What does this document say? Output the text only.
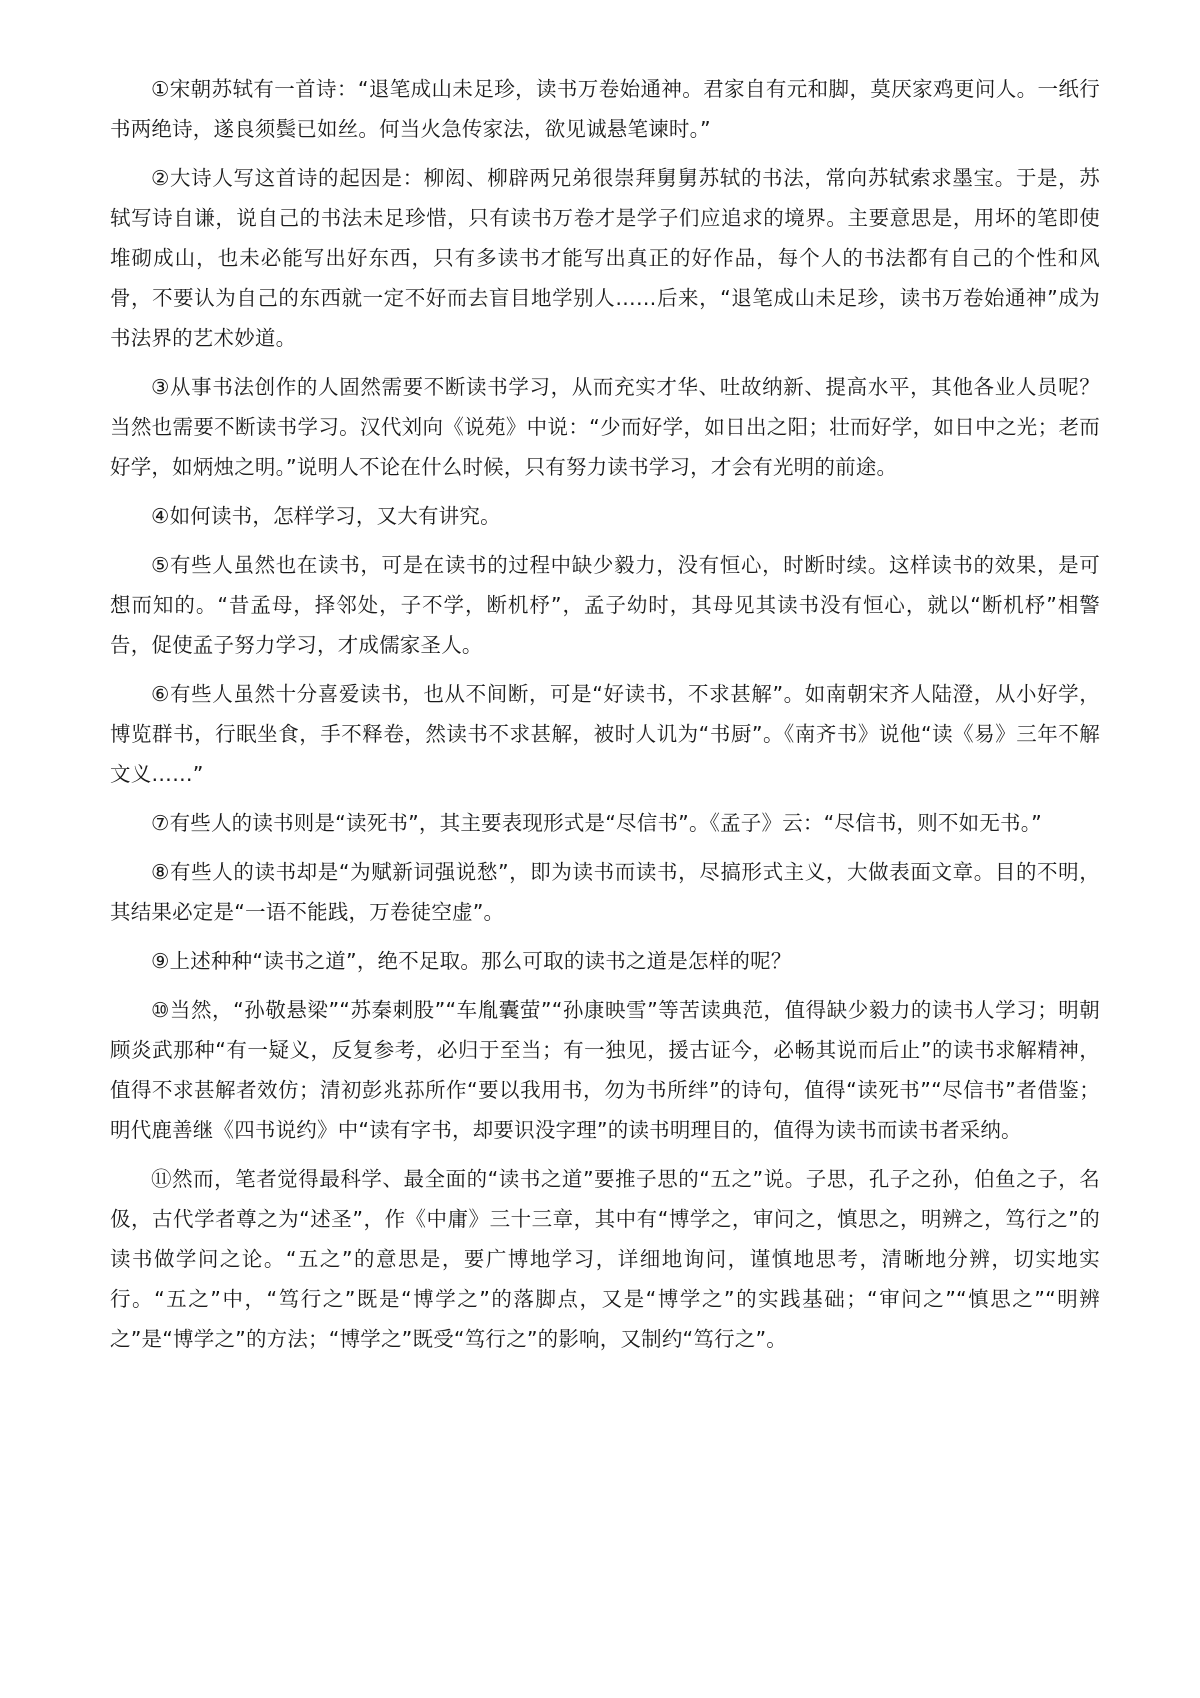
①宋朝苏轼有一首诗：“退笔成山未足珍，读书万卷始通神。君家自有元和脚，莫厌家鸡更问人。一纸行书两绝诗，遂良须鬓已如丝。何当火急传家法，欲见诚悬笔谏时。”

②大诗人写这首诗的起因是：柳闳、柳辟两兄弟很崇拜舅舅苏轼的书法，常向苏轼索求墨宝。于是，苏轼写诗自谦，说自己的书法未足珍惜，只有读书万卷才是学子们应追求的境界。主要意思是，用坏的笔即使堆砌成山，也未必能写出好东西，只有多读书才能写出真正的好作品，每个人的书法都有自己的个性和风骨，不要认为自己的东西就一定不好而去盲目地学别人……后来，“退笔成山未足珍，读书万卷始通神”成为书法界的艺术妙道。

③从事书法创作的人固然需要不断读书学习，从而充实才华、吐故纳新、提高水平，其他各业人员呢？当然也需要不断读书学习。汉代刘向《说苑》中说：“少而好学，如日出之阳；壮而好学，如日中之光；老而好学，如炳烛之明。”说明人不论在什么时候，只有努力读书学习，才会有光明的前途。

④如何读书，怎样学习，又大有讲究。

⑤有些人虽然也在读书，可是在读书的过程中缺少毅力，没有恒心，时断时续。这样读书的效果，是可想而知的。“昔孟母，择邻处，子不学，断机杼”，孟子幼时，其母见其读书没有恒心，就以“断机杼”相警告，促使孟子努力学习，才成儒家圣人。

⑥有些人虽然十分喜爱读书，也从不间断，可是“好读书，不求甚解”。如南朝宋齐人陆澄，从小好学，博览群书，行眠坐食，手不释卷，然读书不求甚解，被时人讥为“书厨”。《南齐书》说他“读《易》三年不解文义……”

⑦有些人的读书则是“读死书”，其主要表现形式是“尽信书”。《孟子》云：“尽信书，则不如无书。”

⑧有些人的读书却是“为赋新词强说愁”，即为读书而读书，尽搞形式主义，大做表面文章。目的不明，其结果必定是“一语不能践，万卷徒空虚”。

⑨上述种种“读书之道”，绝不足取。那么可取的读书之道是怎样的呢？

⑩当然，“孙敬悬梁”“苏秦刺股”“车胤囊萤”“孙康映雪”等苦读典范，值得缺少毅力的读书人学习；明朝顾炎武那种“有一疑义，反复参考，必归于至当；有一独见，援古证今，必畅其说而后止”的读书求解精神，值得不求甚解者效仿；清初彭兆荪所作“要以我用书，勿为书所绊”的诗句，值得“读死书”“尽信书”者借鉴；明代鹿善继《四书说约》中“读有字书，却要识没字理”的读书明理目的，值得为读书而读书者采纳。

⑪然而，笔者觉得最科学、最全面的“读书之道”要推子思的“五之”说。子思，孔子之孙，伯鱼之子，名伋，古代学者尊之为“述圣”，作《中庸》三十三章，其中有“博学之，审问之，慎思之，明辨之，笃行之”的读书做学问之论。“五之”的意思是，要广博地学习，详细地询问，谨慎地思考，清晰地分辨，切实地实行。“五之”中，“笃行之”既是“博学之”的落脚点，又是“博学之”的实践基础；“审问之”“慎思之”“明辨之”是“博学之”的方法；“博学之”既受“笃行之”的影响，又制约“笃行之”。
